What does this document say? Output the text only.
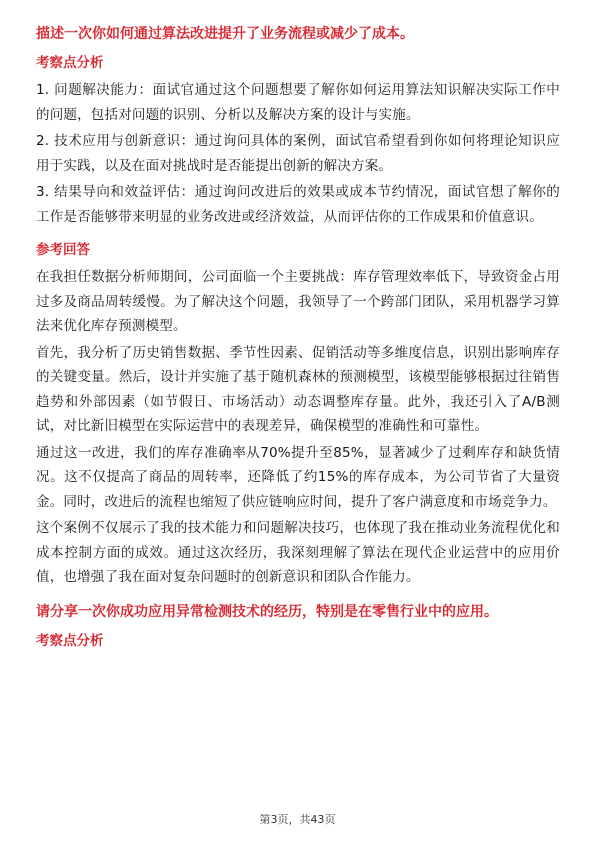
描述一次你如何通过算法改进提升了业务流程或减少了成本。
考察点分析

1. 问题解决能力：面试官通过这个问题想要了解你如何运用算法知识解决实际工作中的问题，包括对问题的识别、分析以及解决方案的设计与实施。

2. 技术应用与创新意识：通过询问具体的案例，面试官希望看到你如何将理论知识应用于实践，以及在面对挑战时是否能提出创新的解决方案。

3. 结果导向和效益评估：通过询问改进后的效果或成本节约情况，面试官想了解你的工作是否能够带来明显的业务改进或经济效益，从而评估你的工作成果和价值意识。

参考回答

在我担任数据分析师期间，公司面临一个主要挑战：库存管理效率低下，导致资金占用过多及商品周转缓慢。为了解决这个问题，我领导了一个跨部门团队，采用机器学习算法来优化库存预测模型。

首先，我分析了历史销售数据、季节性因素、促销活动等多维度信息，识别出影响库存的关键变量。然后，设计并实施了基于随机森林的预测模型，该模型能够根据过往销售趋势和外部因素（如节假日、市场活动）动态调整库存量。此外，我还引入了A/B测试，对比新旧模型在实际运营中的表现差异，确保模型的准确性和可靠性。

通过这一改进，我们的库存准确率从70%提升至85%，显著减少了过剩库存和缺货情况。这不仅提高了商品的周转率，还降低了约15%的库存成本，为公司节省了大量资金。同时，改进后的流程也缩短了供应链响应时间，提升了客户满意度和市场竞争力。

这个案例不仅展示了我的技术能力和问题解决技巧，也体现了我在推动业务流程优化和成本控制方面的成效。通过这次经历，我深刻理解了算法在现代企业运营中的应用价值，也增强了我在面对复杂问题时的创新意识和团队合作能力。

请分享一次你成功应用异常检测技术的经历，特别是在零售行业中的应用。
考察点分析
第3页，共43页
